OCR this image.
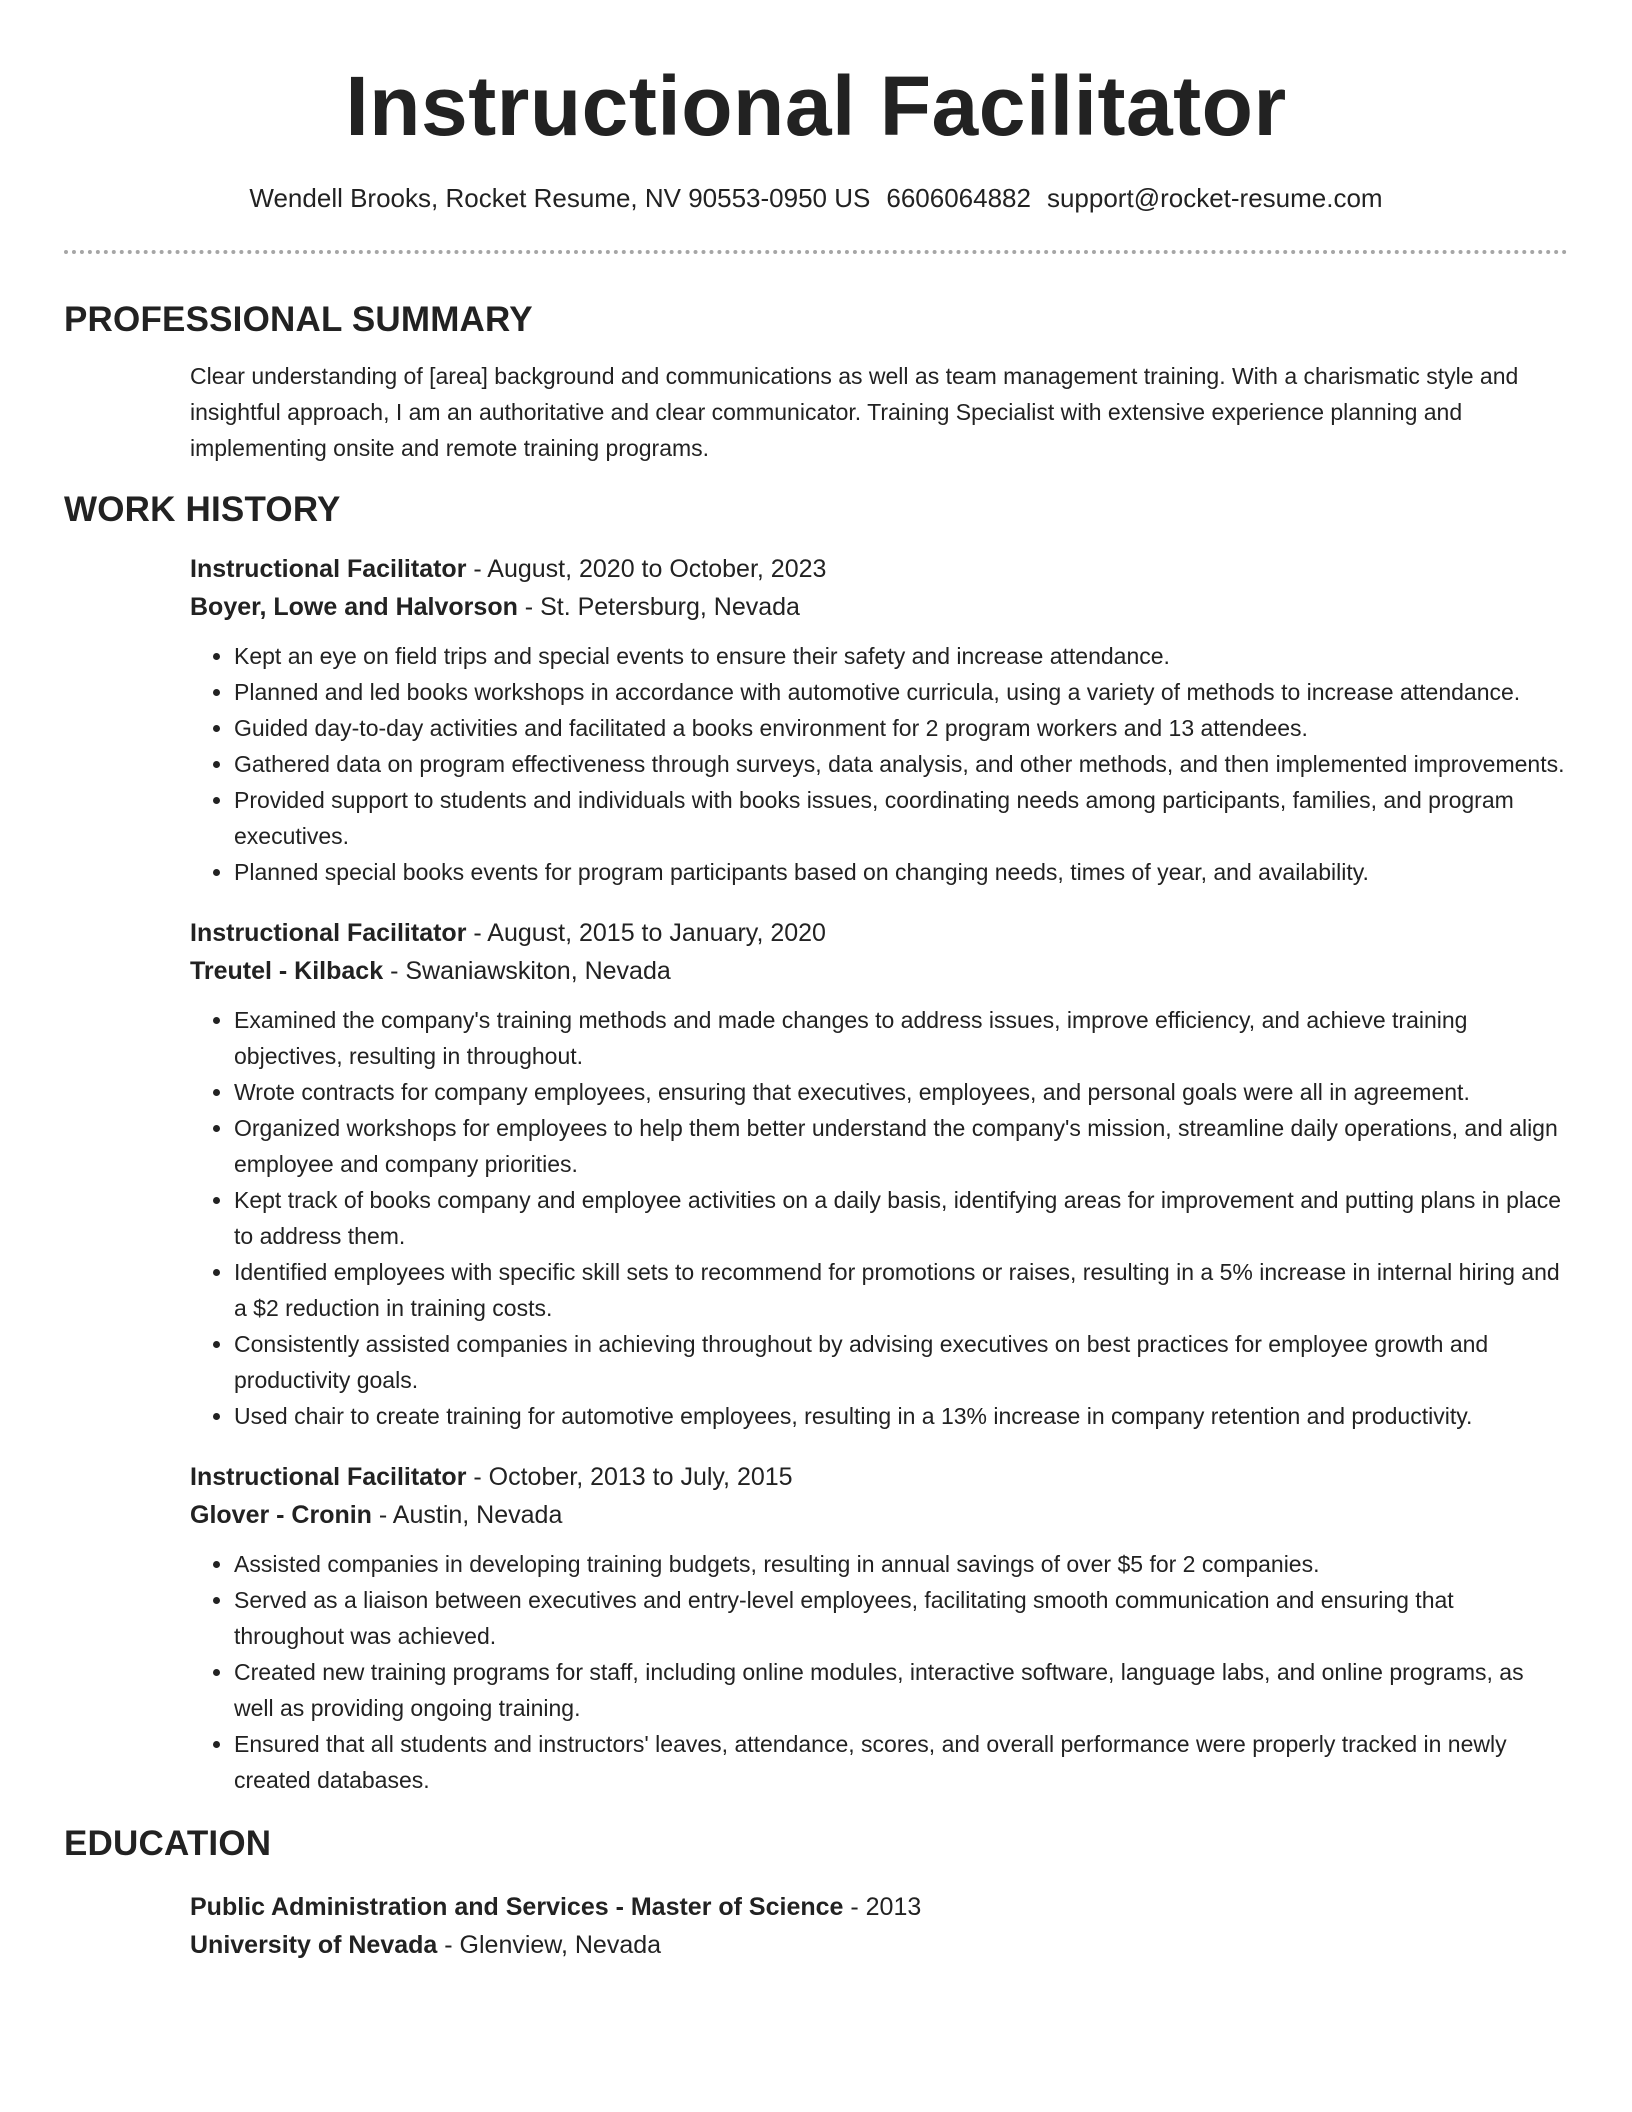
Instructional Facilitator
Wendell Brooks, Rocket Resume, NV 90553-0950 US 6606064882 support@rocket-resume.com
PROFESSIONAL SUMMARY

Clear understanding of [area] background and communications as well as team management training. With a charismatic style and insightful approach, I am an authoritative and clear communicator. Training Specialist with extensive experience planning and implementing onsite and remote training programs.

WORK HISTORY
Instructional Facilitator - August, 2020 to October, 2023
Boyer, Lowe and Halvorson - St. Petersburg, Nevada
• Kept an eye on field trips and special events to ensure their safety and increase attendance.
• Planned and led books workshops in accordance with automotive curricula, using a variety of methods to increase attendance.
• Guided day-to-day activities and facilitated a books environment for 2 program workers and 13 attendees.
• Gathered data on program effectiveness through surveys, data analysis, and other methods, and then implemented improvements.
• Provided support to students and individuals with books issues, coordinating needs among participants, families, and program executives.
• Planned special books events for program participants based on changing needs, times of year, and availability.
Instructional Facilitator - August, 2015 to January, 2020
Treutel - Kilback - Swaniawskiton, Nevada
• Examined the company's training methods and made changes to address issues, improve efficiency, and achieve training objectives, resulting in throughout.
• Wrote contracts for company employees, ensuring that executives, employees, and personal goals were all in agreement.
• Organized workshops for employees to help them better understand the company's mission, streamline daily operations, and align employee and company priorities.
• Kept track of books company and employee activities on a daily basis, identifying areas for improvement and putting plans in place to address them.
• Identified employees with specific skill sets to recommend for promotions or raises, resulting in a 5% increase in internal hiring and a $2 reduction in training costs.
• Consistently assisted companies in achieving throughout by advising executives on best practices for employee growth and productivity goals.
• Used chair to create training for automotive employees, resulting in a 13% increase in company retention and productivity.
Instructional Facilitator - October, 2013 to July, 2015
Glover - Cronin - Austin, Nevada
• Assisted companies in developing training budgets, resulting in annual savings of over $5 for 2 companies.
• Served as a liaison between executives and entry-level employees, facilitating smooth communication and ensuring that throughout was achieved.
• Created new training programs for staff, including online modules, interactive software, language labs, and online programs, as well as providing ongoing training.
• Ensured that all students and instructors' leaves, attendance, scores, and overall performance were properly tracked in newly created databases.
EDUCATION
Public Administration and Services - Master of Science - 2013
University of Nevada - Glenview, Nevada
